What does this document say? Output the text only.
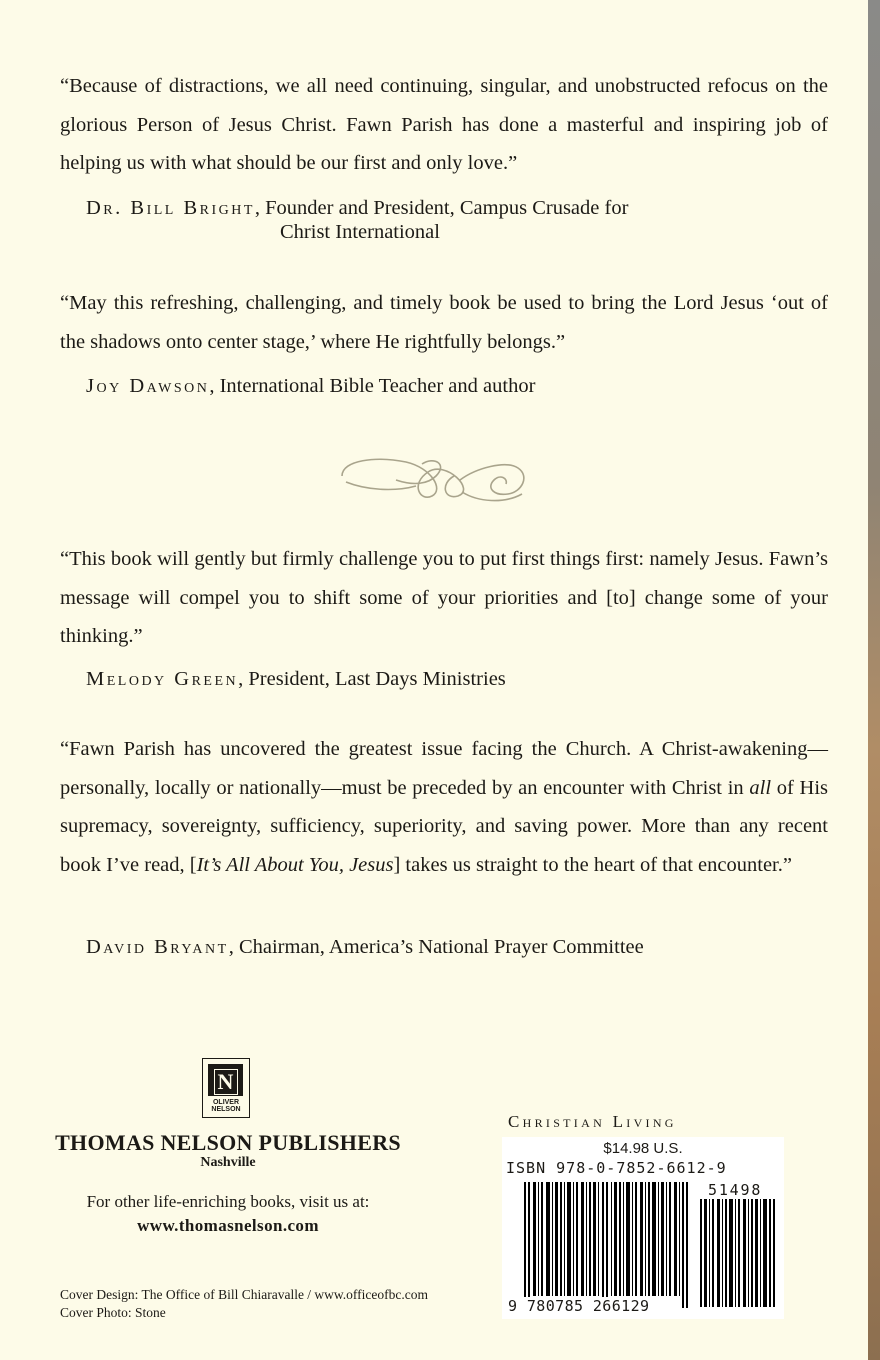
“Because of distractions, we all need continuing, singular, and unobstructed refocus on the glorious Person of Jesus Christ. Fawn Parish has done a masterful and inspiring job of helping us with what should be our first and only love.”
Dr. Bill Bright, Founder and President, Campus Crusade for
Christ International
“May this refreshing, challenging, and timely book be used to bring the Lord Jesus ‘out of the shadows onto center stage,’ where He rightfully belongs.”
Joy Dawson, International Bible Teacher and author
“This book will gently but firmly challenge you to put first things first: namely Jesus. Fawn’s message will compel you to shift some of your priorities and [to] change some of your thinking.”
Melody Green, President, Last Days Ministries
“Fawn Parish has uncovered the greatest issue facing the Church. A Christ-awakening—personally, locally or nationally—must be preceded by an encounter with Christ in all of His supremacy, sovereignty, sufficiency, superiority, and saving power. More than any recent book I’ve read, [It’s All About You, Jesus] takes us straight to the heart of that encounter.”
David Bryant, Chairman, America’s National Prayer Committee
N
OLIVER
NELSON
THOMAS NELSON PUBLISHERS
Nashville
For other life-enriching books, visit us at:
www.thomasnelson.com
Cover Design: The Office of Bill Chiaravalle / www.officeofbc.com
Cover Photo: Stone
Christian Living
$14.98 U.S.
ISBN 978-0-7852-6612-9
51498
9 780785 266129
